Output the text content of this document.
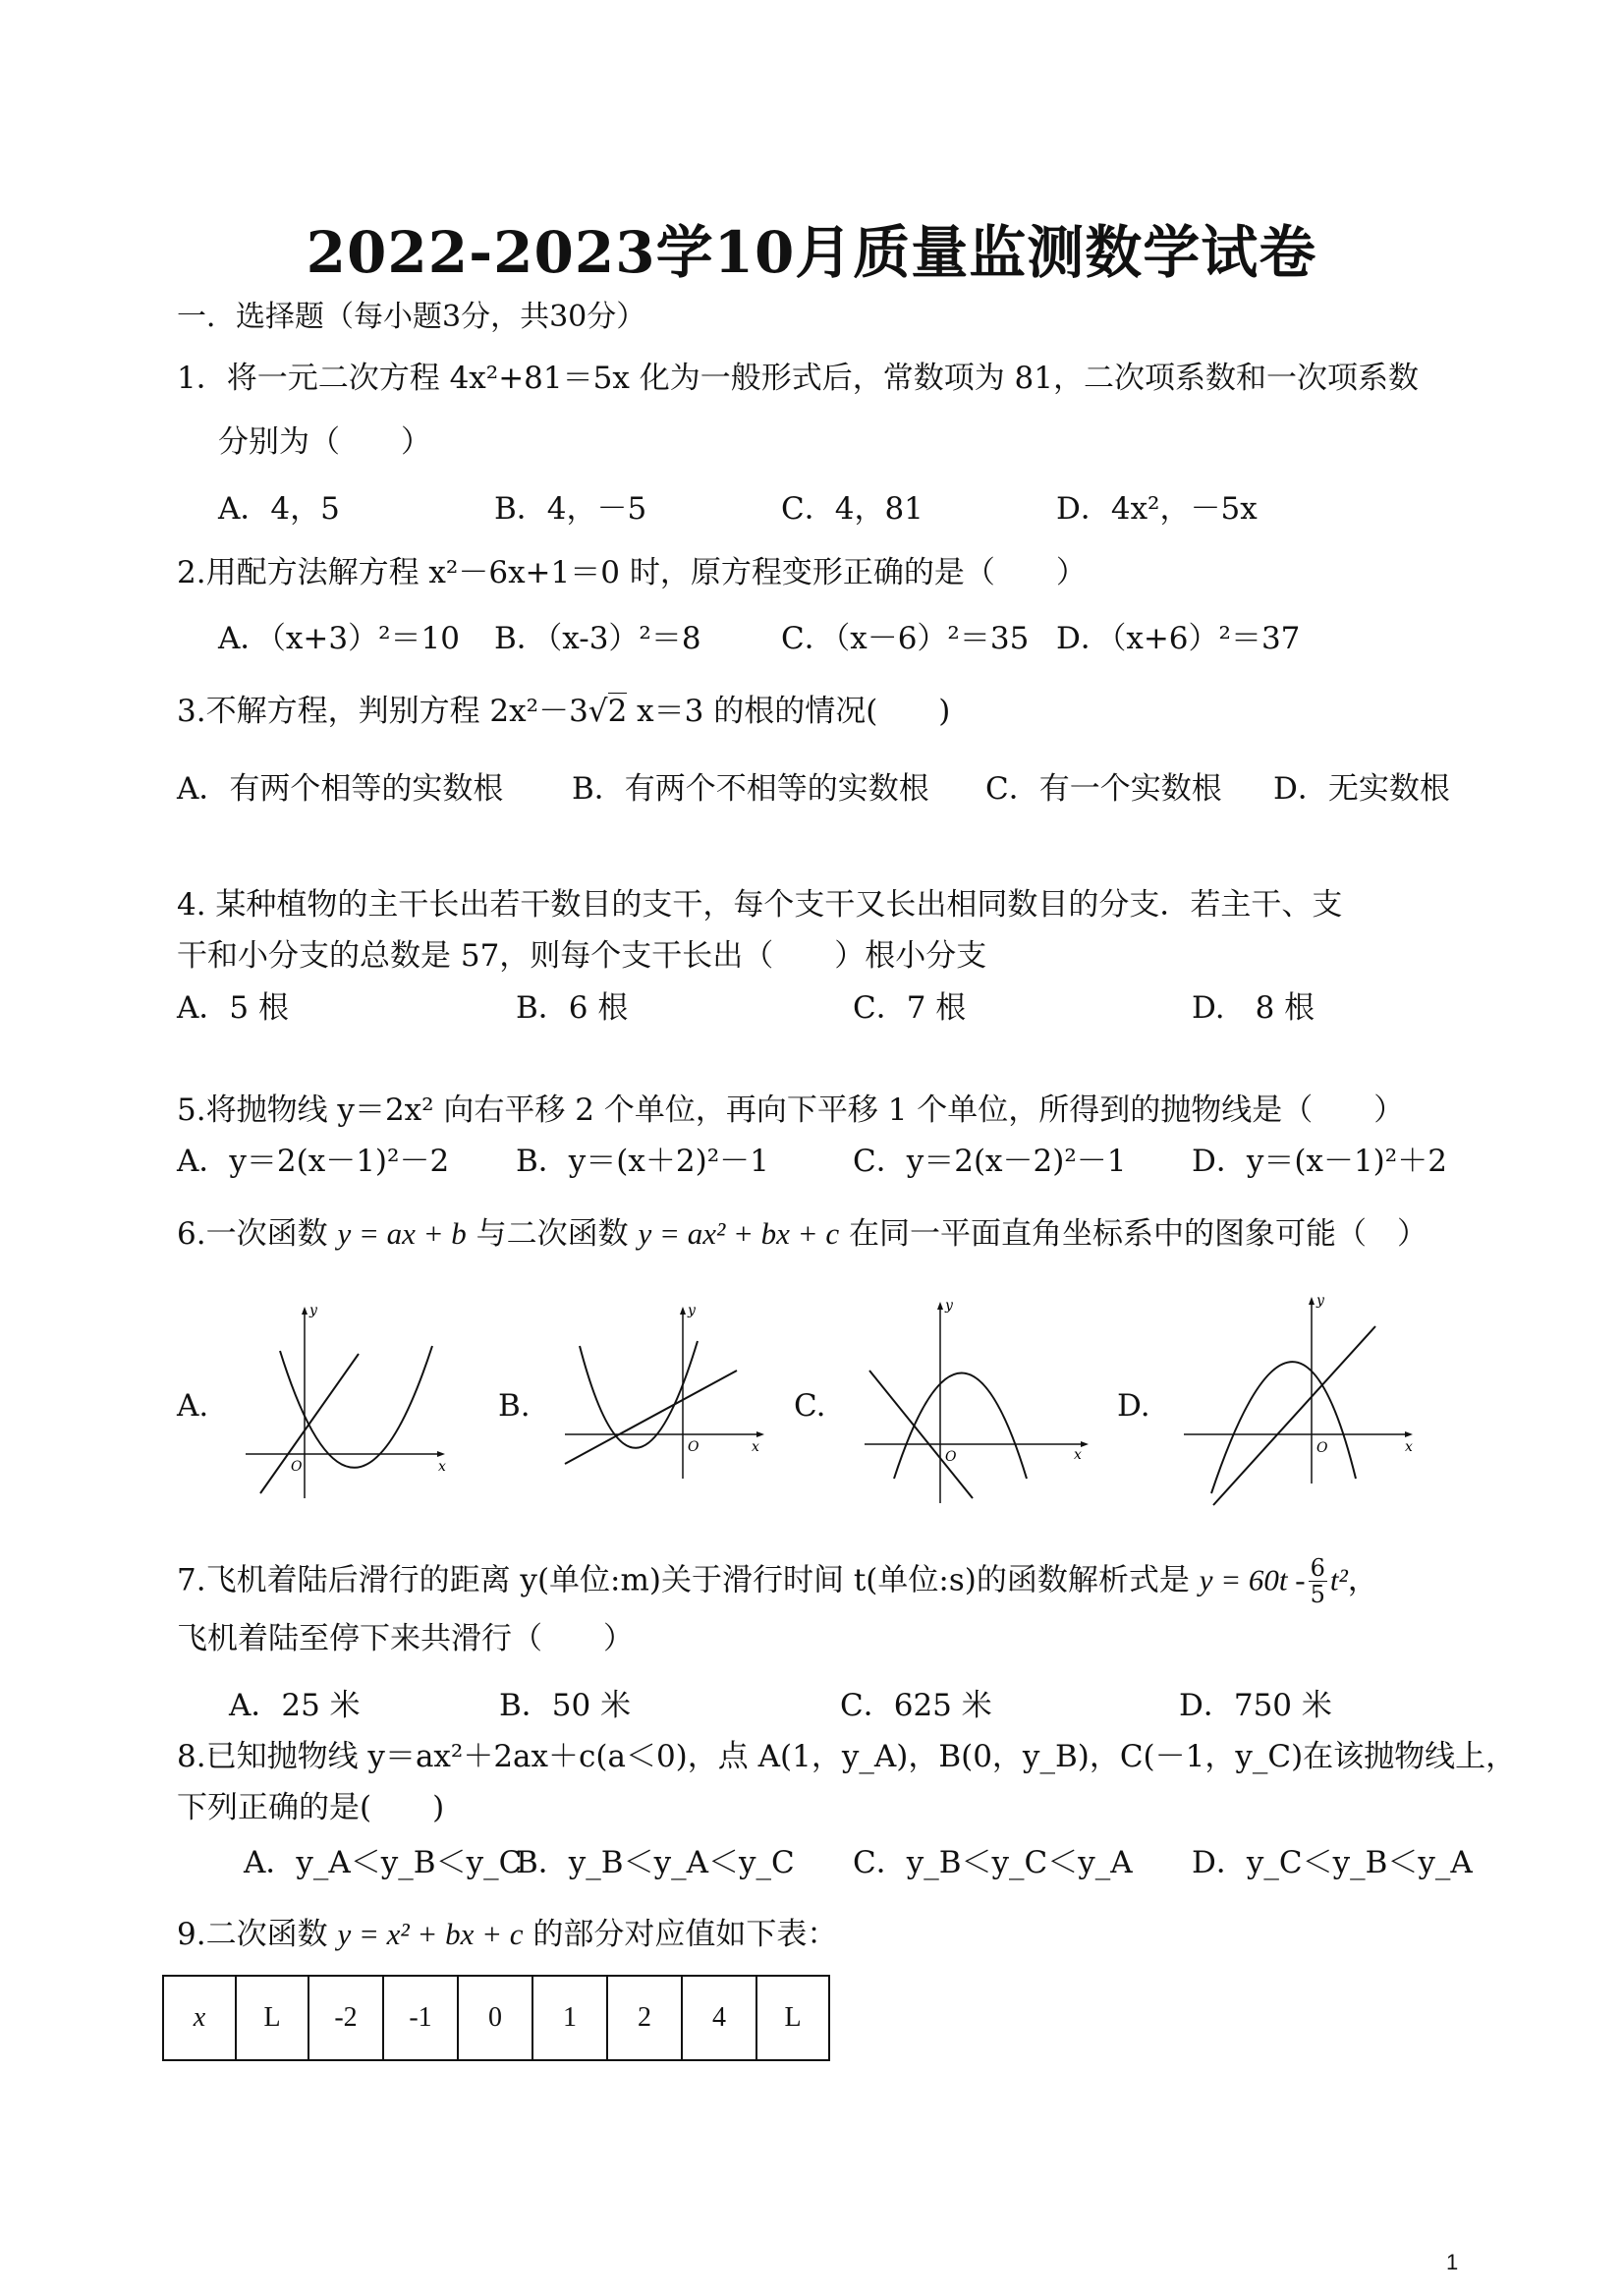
2022-2023学10月质量监测数学试卷
一．选择题（每小题3分，共30分）
1．将一元二次方程 4x²+81＝5x 化为一般形式后，常数项为 81，二次项系数和一次项系数
分别为（　　）
A．4，5	B．4，－5	C．4，81	D．4x²，－5x
2.用配方法解方程 x²－6x+1＝0 时，原方程变形正确的是（　　）
A．（x+3）²＝10 B．（x-3）²＝8	C．（x－6）²＝35 D．（x+6）²＝37
3.不解方程，判别方程 2x²－3√2 x＝3 的根的情况(　　)
A．有两个相等的实数根 B．有两个不相等的实数根 C．有一个实数根 D．无实数根
4. 某种植物的主干长出若干数目的支干，每个支干又长出相同数目的分支．若主干、支
干和小分支的总数是 57，则每个支干长出（　　）根小分支
A．5 根	B．6 根	C．7 根	D.　8 根
5.将抛物线 y＝2x² 向右平移 2 个单位，再向下平移 1 个单位，所得到的抛物线是（　　）
A．y＝2(x－1)²－2 B．y＝(x＋2)²－1	C．y＝2(x－2)²－1 D．y＝(x－1)²＋2
6.一次函数 y = ax + b 与二次函数 y = ax² + bx + c 在同一平面直角坐标系中的图象可能（　）
A.	B.	C.	D.
x
y
O
x
y
O	x
y
O
x
y
O
7.飞机着陆后滑行的距离 y(单位:m)关于滑行时间 t(单位:s)的函数解析式是 $y = 60t - \frac{6}{5} t^2$，
飞机着陆至停下来共滑行（　　）
A．25 米	B．50 米	C．625 米	D．750 米
8.已知抛物线 y＝ax²＋2ax＋c(a＜0)，点 A(1，y_A)，B(0，y_B)，C(－1，y_C)在该抛物线上，
下列正确的是(　　)
A．y_A＜y_B＜y_C
B．y_B＜y_A＜y_C C．y_B＜y_C＜y_A D．y_C＜y_B＜y_A
9.二次函数 y = x² + bx + c 的部分对应值如下表：
x	L	-2	-1	0	1	2	4	L
1
